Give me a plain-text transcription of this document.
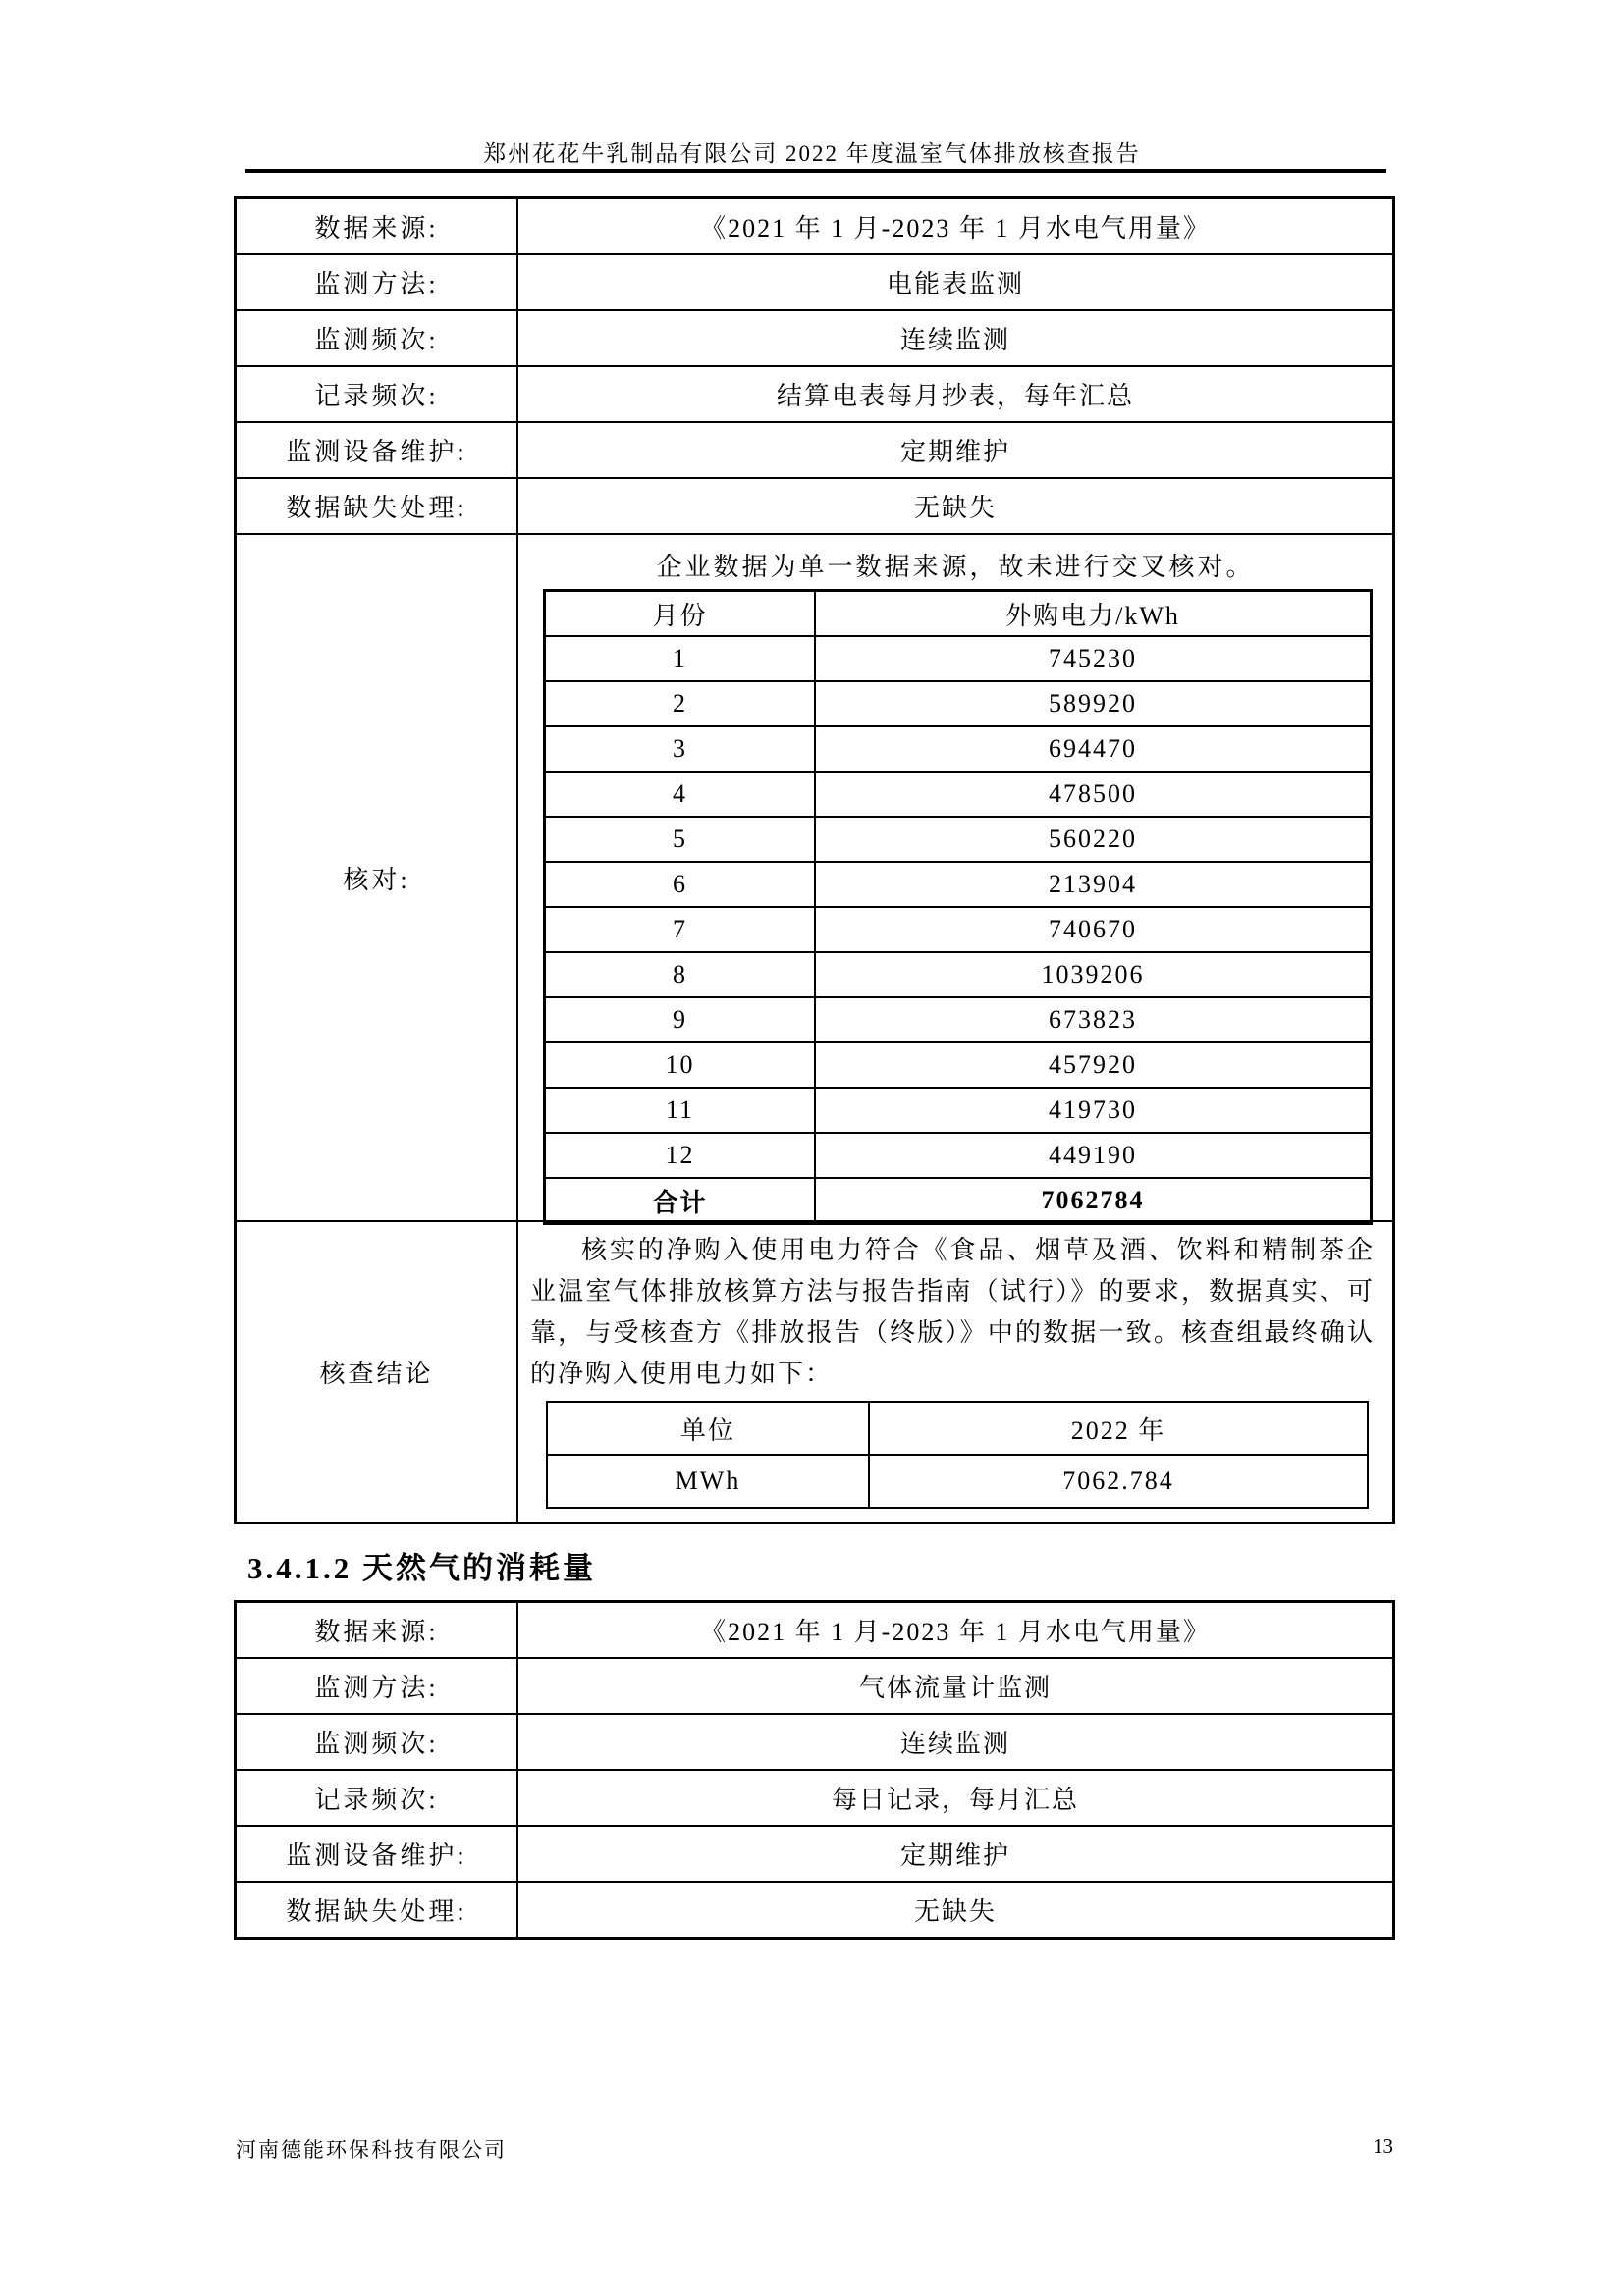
郑州花花牛乳制品有限公司 2022 年度温室气体排放核查报告
数据来源:	《2021 年 1 月-2023 年 1 月水电气用量》
监测方法:	电能表监测
监测频次:	连续监测
记录频次:	结算电表每月抄表，每年汇总
监测设备维护:	定期维护
数据缺失处理:	无缺失
核对:
企业数据为单一数据来源，故未进行交叉核对。
月份	外购电力/kWh
1	745230
2	589920
3	694470
4	478500
5	560220
6	213904
7	740670
8	1039206
9	673823
10	457920
11	419730
12	449190
合计	7062784
核查结论
核实的净购入使用电力符合《食品、烟草及酒、饮料和精制茶企业温室气体排放核算方法与报告指南（试行）》的要求，数据真实、可靠，与受核查方《排放报告（终版）》中的数据一致。核查组最终确认的净购入使用电力如下：
单位	2022 年
MWh	7062.784
3.4.1.2 天然气的消耗量
数据来源:	《2021 年 1 月-2023 年 1 月水电气用量》
监测方法:	气体流量计监测
监测频次:	连续监测
记录频次:	每日记录，每月汇总
监测设备维护:	定期维护
数据缺失处理:	无缺失
河南德能环保科技有限公司	13
